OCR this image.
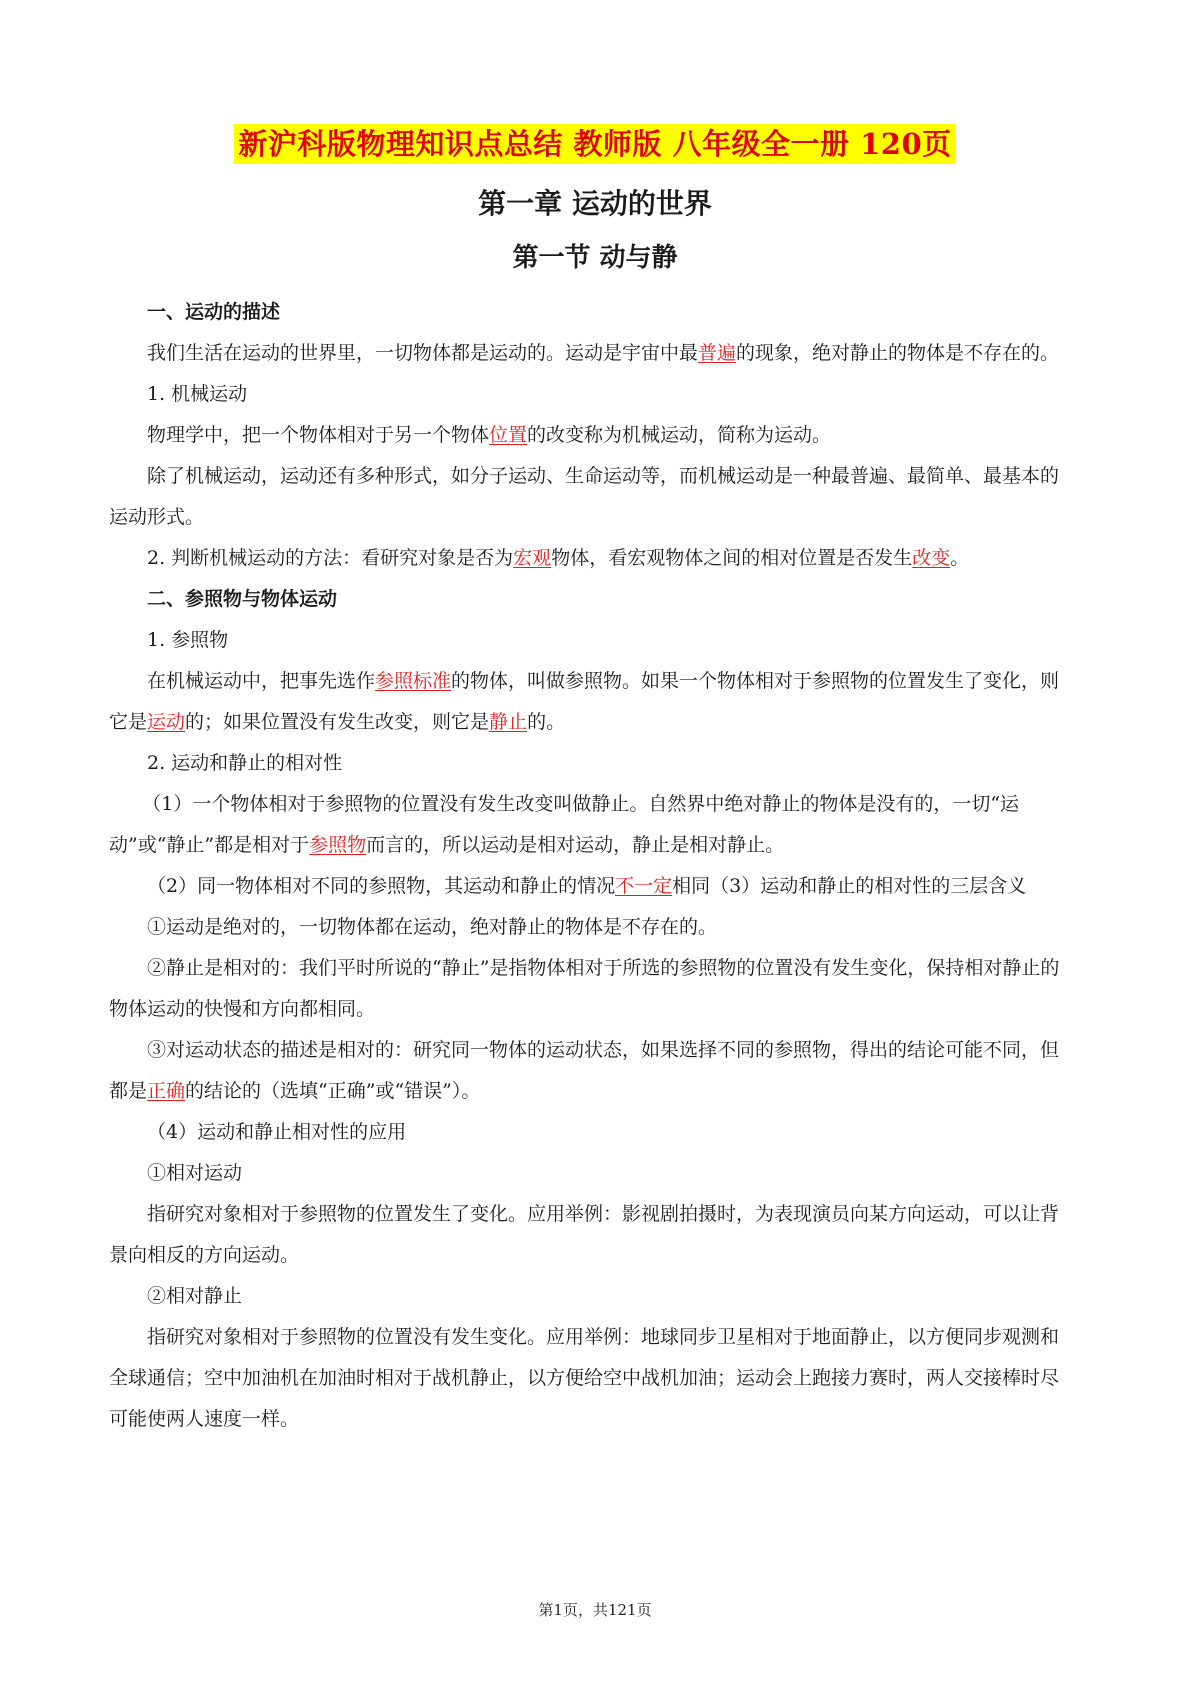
新沪科版物理知识点总结 教师版 八年级全一册 120页
第一章 运动的世界
第一节 动与静

一、运动的描述

我们生活在运动的世界里，一切物体都是运动的。运动是宇宙中最普遍的现象，绝对静止的物体是不存在的。

1. 机械运动

物理学中，把一个物体相对于另一个物体位置的改变称为机械运动，简称为运动。

除了机械运动，运动还有多种形式，如分子运动、生命运动等，而机械运动是一种最普遍、最简单、最基本的运动形式。

2. 判断机械运动的方法：看研究对象是否为宏观物体，看宏观物体之间的相对位置是否发生改变。

二、参照物与物体运动

1. 参照物

在机械运动中，把事先选作参照标准的物体，叫做参照物。如果一个物体相对于参照物的位置发生了变化，则它是运动的；如果位置没有发生改变，则它是静止的。

2. 运动和静止的相对性

（1）一个物体相对于参照物的位置没有发生改变叫做静止。自然界中绝对静止的物体是没有的，一切“运动”或“静止”都是相对于参照物而言的，所以运动是相对运动，静止是相对静止。

（2）同一物体相对不同的参照物，其运动和静止的情况不一定相同（3）运动和静止的相对性的三层含义

①运动是绝对的，一切物体都在运动，绝对静止的物体是不存在的。

②静止是相对的：我们平时所说的“静止”是指物体相对于所选的参照物的位置没有发生变化，保持相对静止的物体运动的快慢和方向都相同。

③对运动状态的描述是相对的：研究同一物体的运动状态，如果选择不同的参照物，得出的结论可能不同，但都是正确的结论的（选填“正确”或“错误”）。

（4）运动和静止相对性的应用

①相对运动

指研究对象相对于参照物的位置发生了变化。应用举例：影视剧拍摄时，为表现演员向某方向运动，可以让背景向相反的方向运动。

②相对静止

指研究对象相对于参照物的位置没有发生变化。应用举例：地球同步卫星相对于地面静止，以方便同步观测和全球通信；空中加油机在加油时相对于战机静止，以方便给空中战机加油；运动会上跑接力赛时，两人交接棒时尽可能使两人速度一样。

第1页，共121页
